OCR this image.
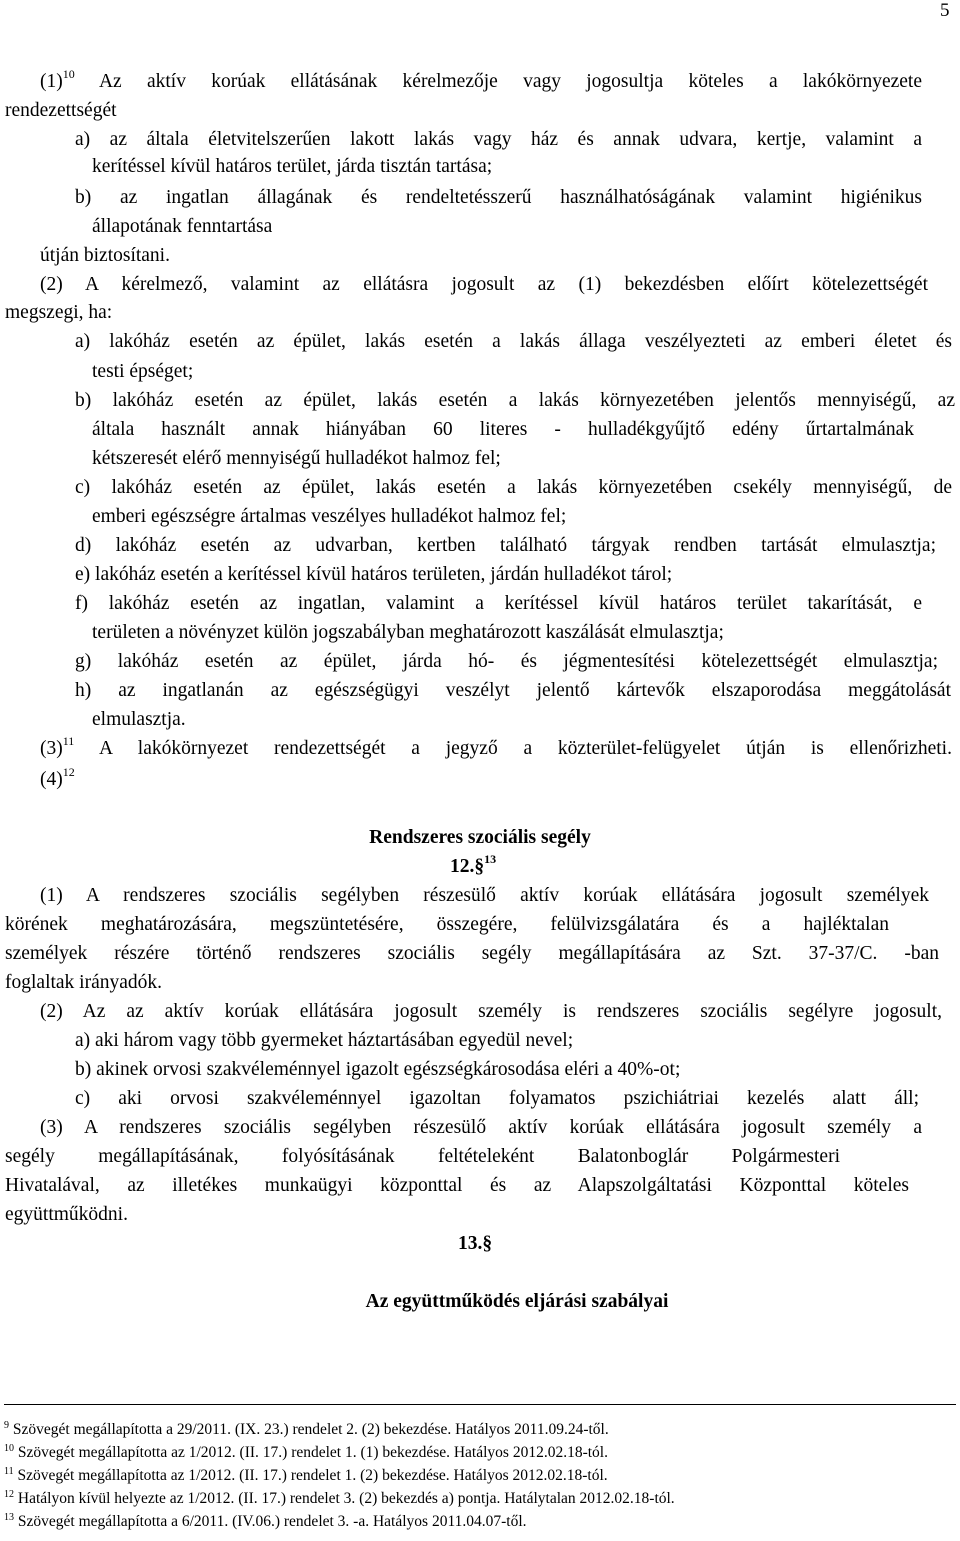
5
$(1)^{10}$ Az aktív korúak ellátásának kérelmezője vagy jogosultja köteles a lakókörnyezete
rendezettségét
a) az általa életvitelszerűen lakott lakás vagy ház és annak udvara, kertje, valamint a
kerítéssel kívül határos terület, járda tisztán tartása;
b) az ingatlan állagának és rendeltetésszerű használhatóságának valamint higiénikus
állapotának fenntartása
útján biztosítani.
(2) A kérelmező, valamint az ellátásra jogosult az (1) bekezdésben előírt kötelezettségét
megszegi, ha:
a) lakóház esetén az épület, lakás esetén a lakás állaga veszélyezteti az emberi életet és
testi épséget;
b) lakóház esetén az épület, lakás esetén a lakás környezetében jelentős mennyiségű, az
általa használt annak hiányában 60 literes - hulladékgyűjtő edény űrtartalmának
kétszeresét elérő mennyiségű hulladékot halmoz fel;
c) lakóház esetén az épület, lakás esetén a lakás környezetében csekély mennyiségű, de
emberi egészségre ártalmas veszélyes hulladékot halmoz fel;
d) lakóház esetén az udvarban, kertben található tárgyak rendben tartását elmulasztja;
e) lakóház esetén a kerítéssel kívül határos területen, járdán hulladékot tárol;
f) lakóház esetén az ingatlan, valamint a kerítéssel kívül határos terület takarítását, e
területen a növényzet külön jogszabályban meghatározott kaszálását elmulasztja;
g) lakóház esetén az épület, járda hó- és jégmentesítési kötelezettségét elmulasztja;
h) az ingatlanán az egészségügyi veszélyt jelentő kártevők elszaporodása meggátolását
elmulasztja.
$(3)^{11}$ A lakókörnyezet rendezettségét a jegyző a közterület-felügyelet útján is ellenőrizheti.
$(4)^{12}$
Rendszeres szociális segély
12.§$^{13}$
(1) A rendszeres szociális segélyben részesülő aktív korúak ellátására jogosult személyek
körének meghatározására, megszüntetésére, összegére, felülvizsgálatára és a hajléktalan
személyek részére történő rendszeres szociális segély megállapítására az Szt. 37-37/C. -ban
foglaltak irányadók.
(2) Az az aktív korúak ellátására jogosult személy is rendszeres szociális segélyre jogosult,
a) aki három vagy több gyermeket háztartásában egyedül nevel;
b) akinek orvosi szakvéleménnyel igazolt egészségkárosodása eléri a 40%-ot;
c) aki orvosi szakvéleménnyel igazoltan folyamatos pszichiátriai kezelés alatt áll;
(3) A rendszeres szociális segélyben részesülő aktív korúak ellátására jogosult személy a
segély megállapításának, folyósításának feltételeként Balatonboglár Polgármesteri
Hivatalával, az illetékes munkaügyi központtal és az Alapszolgáltatási Központtal köteles
együttműködni.
13.§
Az együttműködés eljárási szabályai
$^9$ Szövegét megállapította a 29/2011. (IX. 23.) rendelet 2. (2) bekezdése. Hatályos 2011.09.24-től.
$^{10}$ Szövegét megállapította az 1/2012. (II. 17.) rendelet 1. (1) bekezdése. Hatályos 2012.02.18-tól.
$^{11}$ Szövegét megállapította az 1/2012. (II. 17.) rendelet 1. (2) bekezdése. Hatályos 2012.02.18-tól.
$^{12}$ Hatályon kívül helyezte az 1/2012. (II. 17.) rendelet 3. (2) bekezdés a) pontja. Hatálytalan 2012.02.18-tól.
$^{13}$ Szövegét megállapította a 6/2011. (IV.06.) rendelet 3. -a. Hatályos 2011.04.07-től.
